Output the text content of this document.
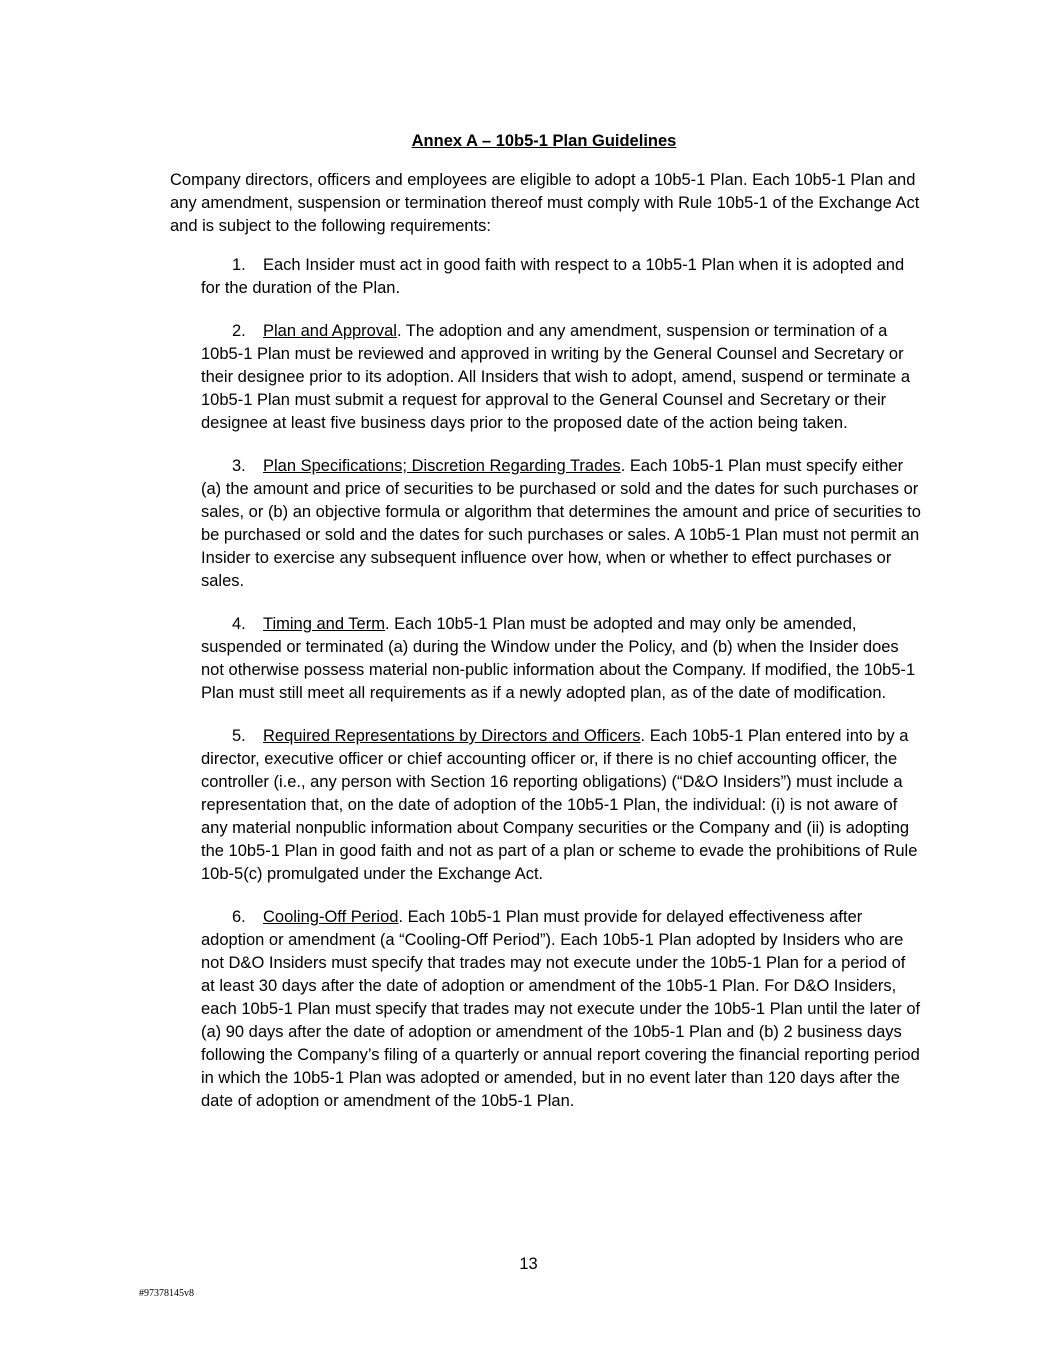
Annex A – 10b5-1 Plan Guidelines

Company directors, officers and employees are eligible to adopt a 10b5-1 Plan. Each 10b5-1 Plan and any amendment, suspension or termination thereof must comply with Rule 10b5-1 of the Exchange Act and is subject to the following requirements:

1. Each Insider must act in good faith with respect to a 10b5-1 Plan when it is adopted and for the duration of the Plan.

2. Plan and Approval. The adoption and any amendment, suspension or termination of a 10b5-1 Plan must be reviewed and approved in writing by the General Counsel and Secretary or their designee prior to its adoption. All Insiders that wish to adopt, amend, suspend or terminate a 10b5-1 Plan must submit a request for approval to the General Counsel and Secretary or their designee at least five business days prior to the proposed date of the action being taken.

3. Plan Specifications; Discretion Regarding Trades. Each 10b5-1 Plan must specify either (a) the amount and price of securities to be purchased or sold and the dates for such purchases or sales, or (b) an objective formula or algorithm that determines the amount and price of securities to be purchased or sold and the dates for such purchases or sales. A 10b5-1 Plan must not permit an Insider to exercise any subsequent influence over how, when or whether to effect purchases or sales.

4. Timing and Term. Each 10b5-1 Plan must be adopted and may only be amended, suspended or terminated (a) during the Window under the Policy, and (b) when the Insider does not otherwise possess material non-public information about the Company. If modified, the 10b5-1 Plan must still meet all requirements as if a newly adopted plan, as of the date of modification.

5. Required Representations by Directors and Officers. Each 10b5-1 Plan entered into by a director, executive officer or chief accounting officer or, if there is no chief accounting officer, the controller (i.e., any person with Section 16 reporting obligations) (“D&O Insiders”) must include a representation that, on the date of adoption of the 10b5-1 Plan, the individual: (i) is not aware of any material nonpublic information about Company securities or the Company and (ii) is adopting the 10b5-1 Plan in good faith and not as part of a plan or scheme to evade the prohibitions of Rule 10b-5(c) promulgated under the Exchange Act.

6. Cooling-Off Period. Each 10b5-1 Plan must provide for delayed effectiveness after adoption or amendment (a “Cooling-Off Period”). Each 10b5-1 Plan adopted by Insiders who are not D&O Insiders must specify that trades may not execute under the 10b5-1 Plan for a period of at least 30 days after the date of adoption or amendment of the 10b5-1 Plan. For D&O Insiders, each 10b5-1 Plan must specify that trades may not execute under the 10b5-1 Plan until the later of (a) 90 days after the date of adoption or amendment of the 10b5-1 Plan and (b) 2 business days following the Company’s filing of a quarterly or annual report covering the financial reporting period in which the 10b5-1 Plan was adopted or amended, but in no event later than 120 days after the date of adoption or amendment of the 10b5-1 Plan.

13
#97378145v8
